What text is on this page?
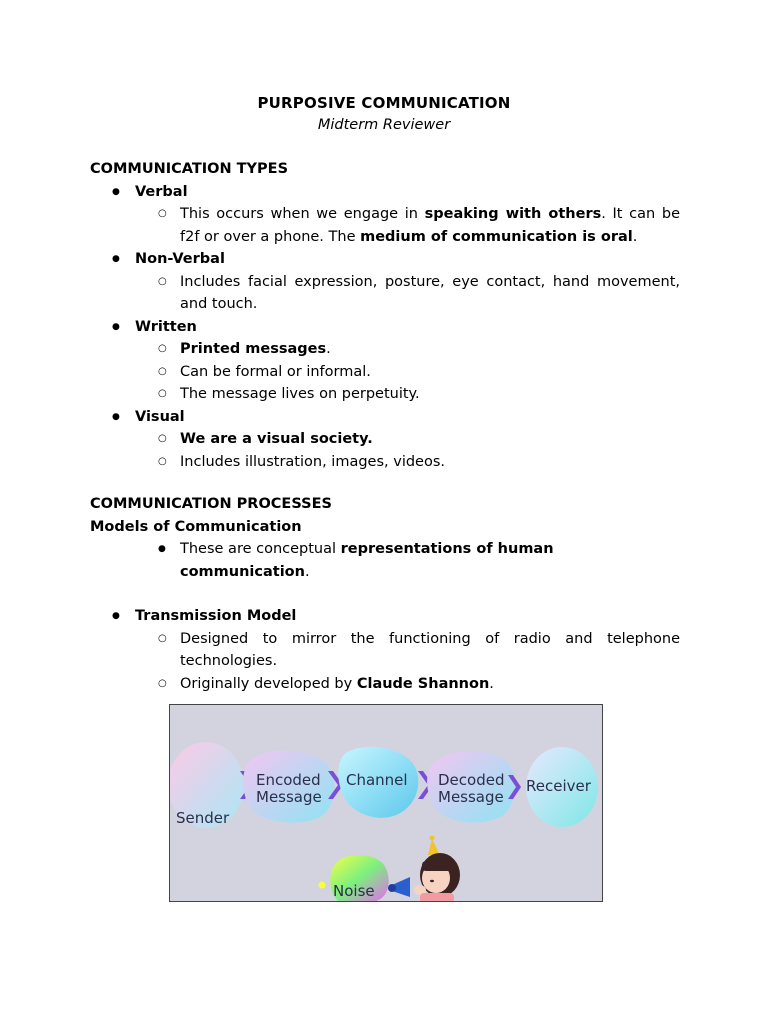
PURPOSIVE COMMUNICATION
Midterm Reviewer
COMMUNICATION TYPES
● Verbal
○ This occurs when we engage in speaking with others. It can be f2f or over a phone. The medium of communication is oral.
● Non-Verbal
○ Includes facial expression, posture, eye contact, hand movement, and touch.
● Written
○ Printed messages.
○ Can be formal or informal.
○ The message lives on perpetuity.
● Visual
○ We are a visual society.
○ Includes illustration, images, videos.
COMMUNICATION PROCESSES
Models of Communication
● These are conceptual representations of human communication.
● Transmission Model
○ Designed to mirror the functioning of radio and telephone technologies.
○ Originally developed by Claude Shannon.
Sender
Encoded
Message
Channel Decoded
Message
Receiver
Noise
